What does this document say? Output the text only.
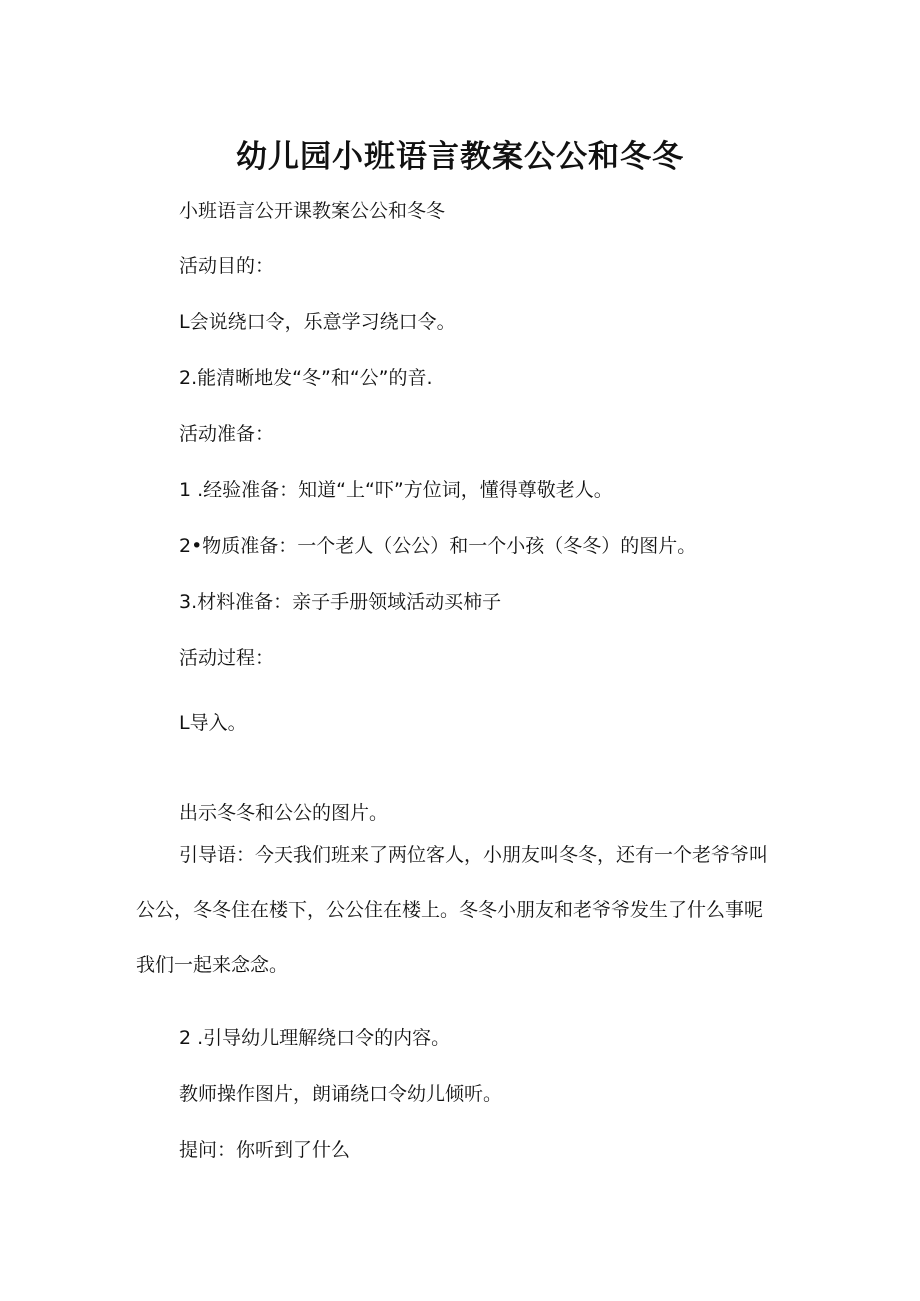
幼儿园小班语言教案公公和冬冬
小班语言公开课教案公公和冬冬
活动目的：
L会说绕口令，乐意学习绕口令。
2.能清晰地发“冬”和“公”的音.
活动准备：
1 .经验准备：知道“上“吓”方位词，懂得尊敬老人。
2•物质准备：一个老人（公公）和一个小孩（冬冬）的图片。
3.材料准备：亲子手册领域活动买柿子
活动过程：
L导入。
出示冬冬和公公的图片。

引导语：今天我们班来了两位客人，小朋友叫冬冬，还有一个老爷爷叫公公，冬冬住在楼下，公公住在楼上。冬冬小朋友和老爷爷发生了什么事呢我们一起来念念。

2 .引导幼儿理解绕口令的内容。
教师操作图片，朗诵绕口令幼儿倾听。
提问：你听到了什么
